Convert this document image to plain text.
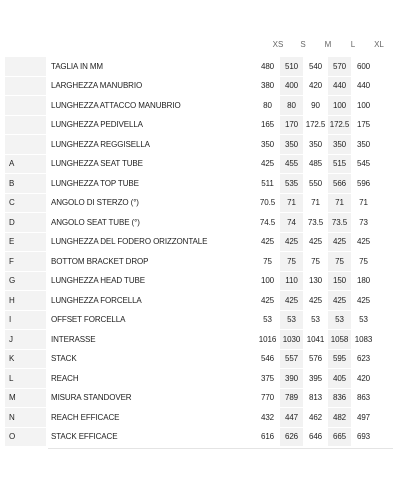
XS	S	M	L	XL
	TAGLIA IN MM	480	510	540	570	600
	LARGHEZZA MANUBRIO	380	400	420	440	440
	LUNGHEZZA ATTACCO MANUBRIO	80	80	90	100	100
	LUNGHEZZA PEDIVELLA	165	170	172.5	172.5	175
	LUNGHEZZA REGGISELLA	350	350	350	350	350
A	LUNGHEZZA SEAT TUBE	425	455	485	515	545
B	LUNGHEZZA TOP TUBE	511	535	550	566	596
C	ANGOLO DI STERZO (°)	70.5	71	71	71	71
D	ANGOLO SEAT TUBE (°)	74.5	74	73.5	73.5	73
E	LUNGHEZZA DEL FODERO ORIZZONTALE	425	425	425	425	425
F	BOTTOM BRACKET DROP	75	75	75	75	75
G	LUNGHEZZA HEAD TUBE	100	110	130	150	180
H	LUNGHEZZA FORCELLA	425	425	425	425	425
I	OFFSET FORCELLA	53	53	53	53	53
J	INTERASSE	1016	1030	1041	1058	1083
K	STACK	546	557	576	595	623
L	REACH	375	390	395	405	420
M	MISURA STANDOVER	770	789	813	836	863
N	REACH EFFICACE	432	447	462	482	497
O	STACK EFFICACE	616	626	646	665	693
